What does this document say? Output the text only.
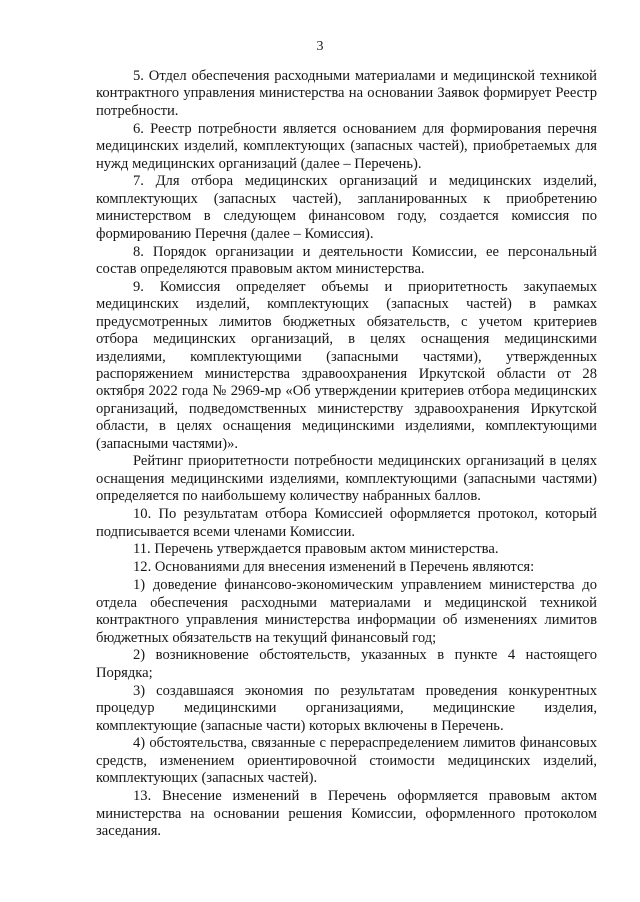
3

5. Отдел обеспечения расходными материалами и медицинской техникой контрактного управления министерства на основании Заявок формирует Реестр потребности.

6. Реестр потребности является основанием для формирования перечня медицинских изделий, комплектующих (запасных частей), приобретаемых для нужд медицинских организаций (далее – Перечень).

7. Для отбора медицинских организаций и медицинских изделий, комплектующих (запасных частей), запланированных к приобретению министерством в следующем финансовом году, создается комиссия по формированию Перечня (далее – Комиссия).

8. Порядок организации и деятельности Комиссии, ее персональный состав определяются правовым актом министерства.

9. Комиссия определяет объемы и приоритетность закупаемых медицинских изделий, комплектующих (запасных частей) в рамках предусмотренных лимитов бюджетных обязательств, с учетом критериев отбора медицинских организаций, в целях оснащения медицинскими изделиями, комплектующими (запасными частями), утвержденных распоряжением министерства здравоохранения Иркутской области от 28 октября 2022 года № 2969-мр «Об утверждении критериев отбора медицинских организаций, подведомственных министерству здравоохранения Иркутской области, в целях оснащения медицинскими изделиями, комплектующими (запасными частями)».

Рейтинг приоритетности потребности медицинских организаций в целях оснащения медицинскими изделиями, комплектующими (запасными частями) определяется по наибольшему количеству набранных баллов.

10. По результатам отбора Комиссией оформляется протокол, который подписывается всеми членами Комиссии.

11. Перечень утверждается правовым актом министерства.

12. Основаниями для внесения изменений в Перечень являются:

1) доведение финансово-экономическим управлением министерства до отдела обеспечения расходными материалами и медицинской техникой контрактного управления министерства информации об изменениях лимитов бюджетных обязательств на текущий финансовый год;

2) возникновение обстоятельств, указанных в пункте 4 настоящего Порядка;

3) создавшаяся экономия по результатам проведения конкурентных процедур медицинскими организациями, медицинские изделия, комплектующие (запасные части) которых включены в Перечень.

4) обстоятельства, связанные с перераспределением лимитов финансовых средств, изменением ориентировочной стоимости медицинских изделий, комплектующих (запасных частей).

13. Внесение изменений в Перечень оформляется правовым актом министерства на основании решения Комиссии, оформленного протоколом заседания.
